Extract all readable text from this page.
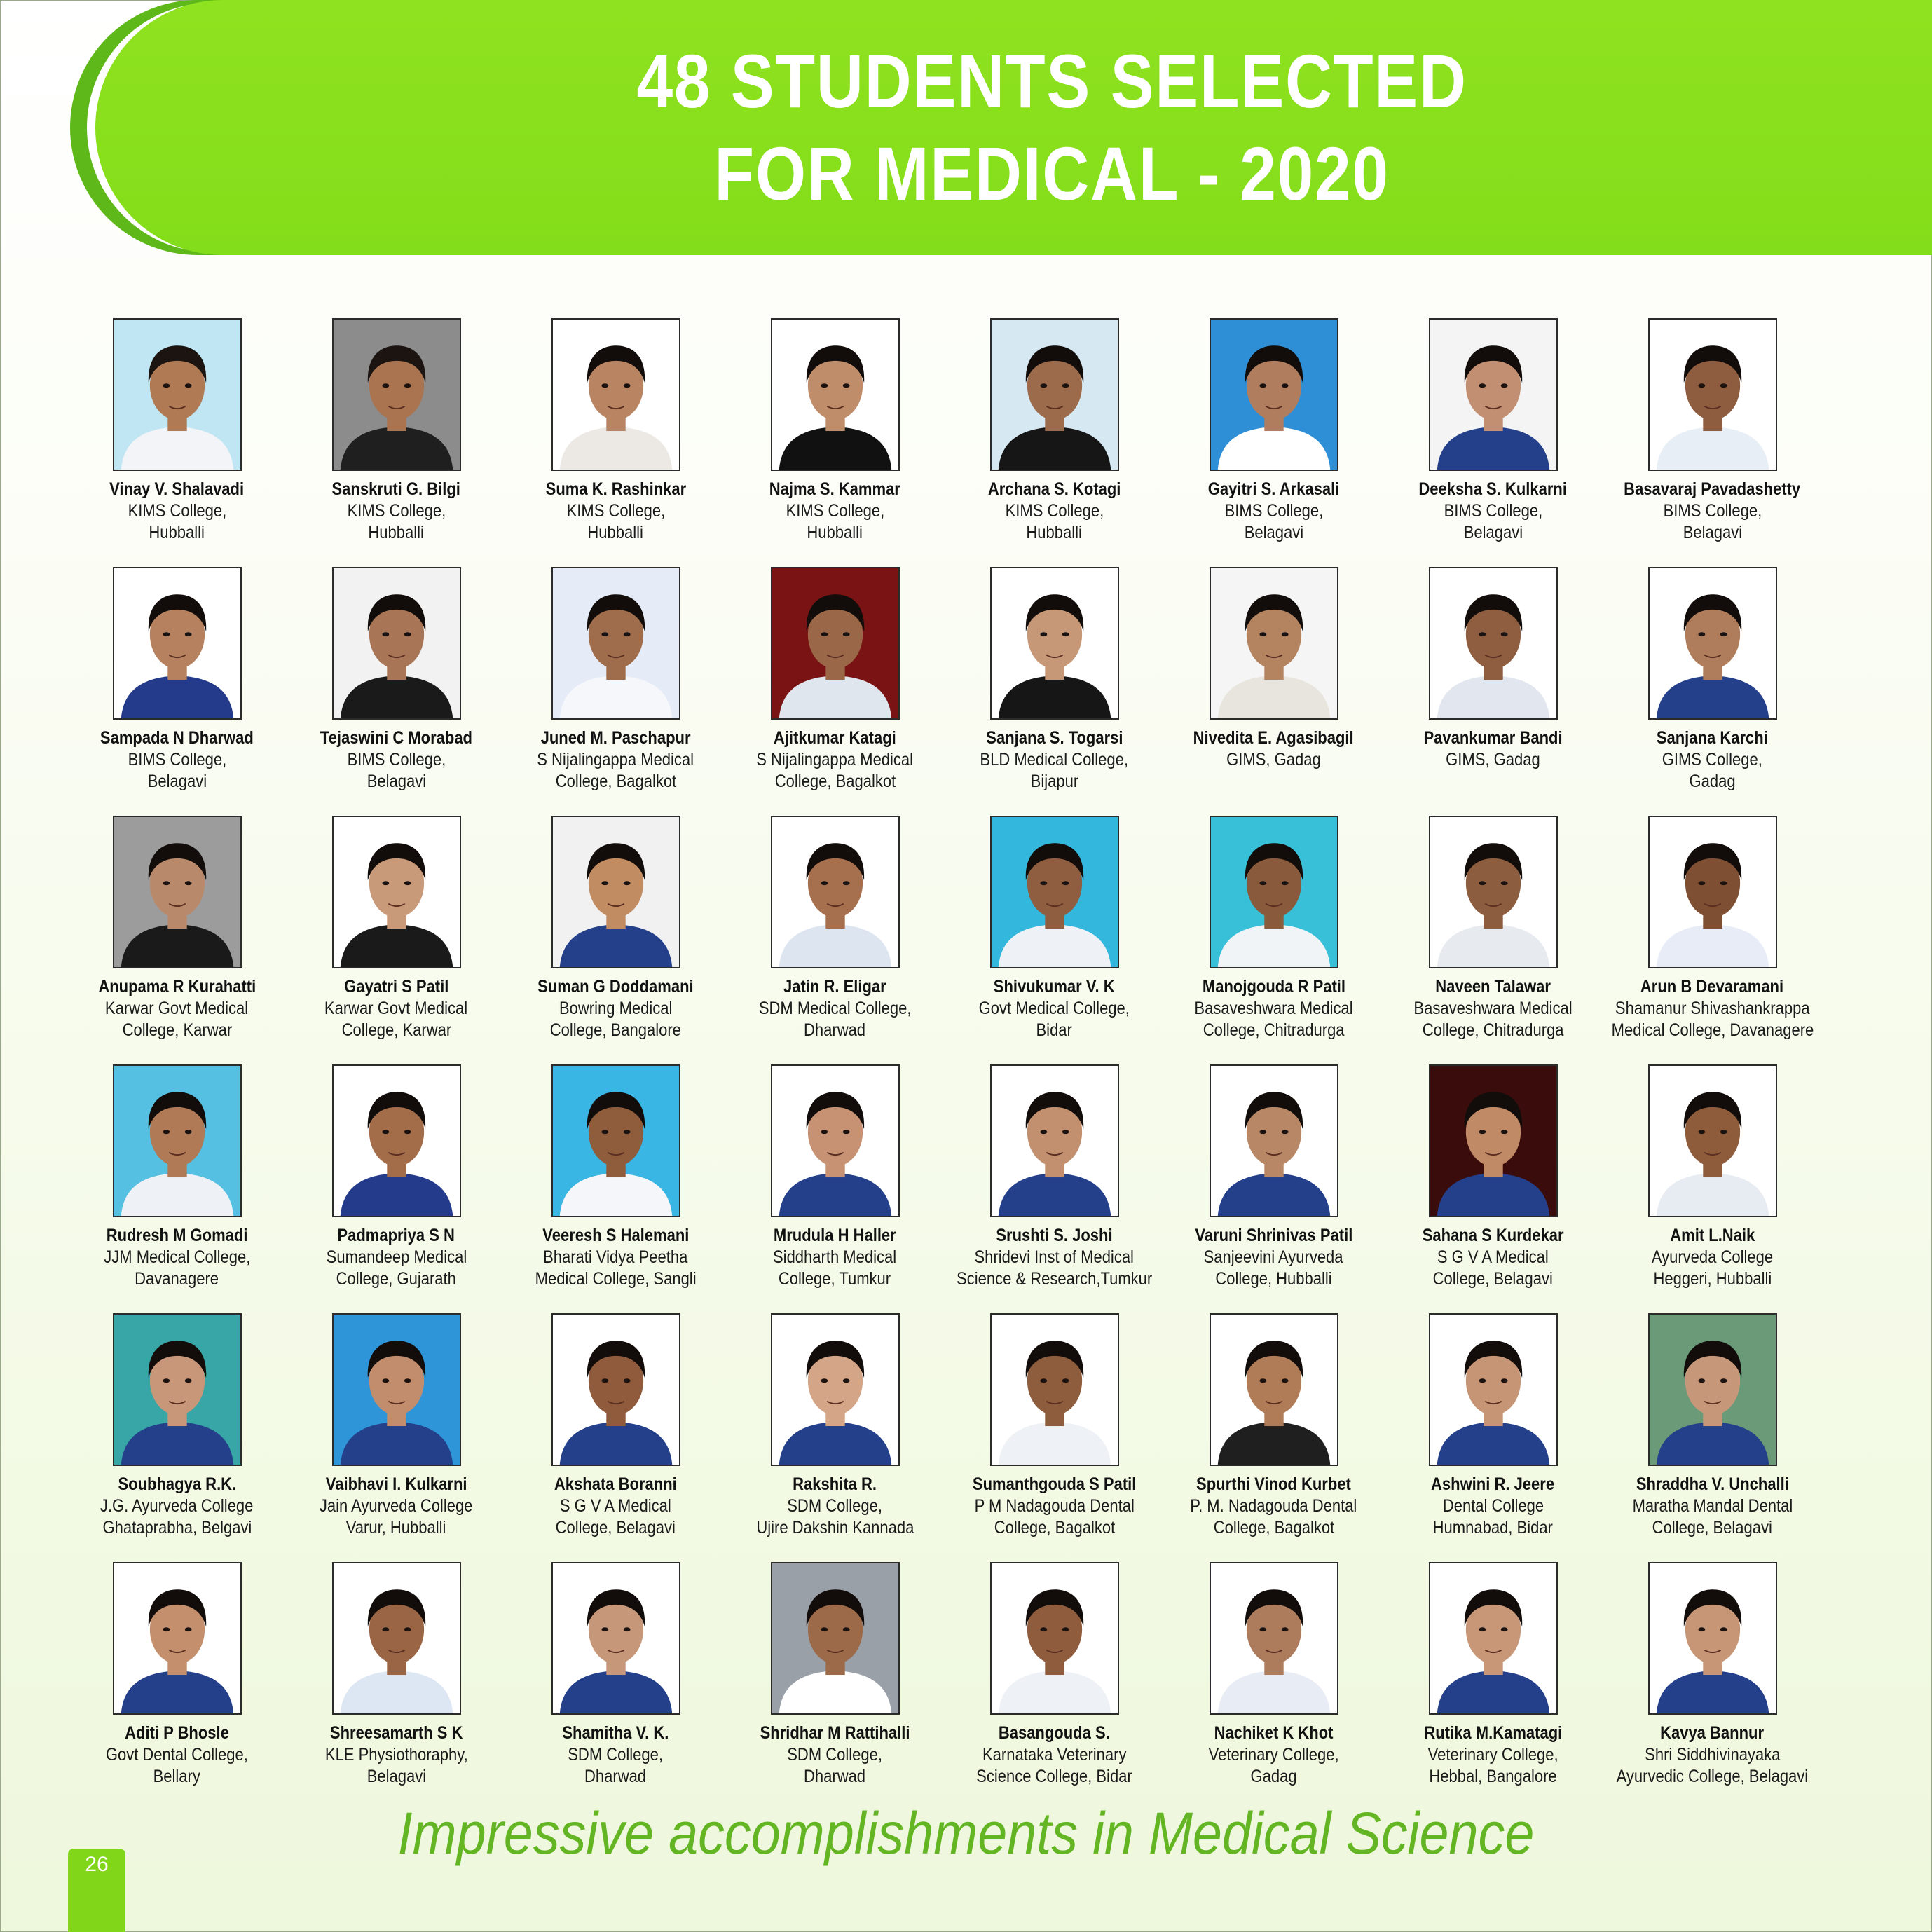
48 STUDENTS SELECTED
FOR MEDICAL - 2020
Vinay V. Shalavadi
KIMS College,
Hubballi
Sanskruti G. Bilgi
KIMS College,
Hubballi
Suma K. Rashinkar
KIMS College,
Hubballi
Najma S. Kammar
KIMS College,
Hubballi
Archana S. Kotagi
KIMS College,
Hubballi
Gayitri S. Arkasali
BIMS College,
Belagavi
Deeksha S. Kulkarni
BIMS College,
Belagavi
Basavaraj Pavadashetty
BIMS College,
Belagavi
Sampada N Dharwad
BIMS College,
Belagavi
Tejaswini C Morabad
BIMS College,
Belagavi
Juned M. Paschapur
S Nijalingappa Medical
College, Bagalkot
Ajitkumar Katagi
S Nijalingappa Medical
College, Bagalkot
Sanjana S. Togarsi
BLD Medical College,
Bijapur
Nivedita E. Agasibagil
GIMS, Gadag
Pavankumar Bandi
GIMS, Gadag
Sanjana Karchi
GIMS College,
Gadag
Anupama R Kurahatti
Karwar Govt Medical
College, Karwar
Gayatri S Patil
Karwar Govt Medical
College, Karwar
Suman G Doddamani
Bowring Medical
College, Bangalore
Jatin R. Eligar
SDM Medical College,
Dharwad
Shivukumar V. K
Govt Medical College,
Bidar
Manojgouda R Patil
Basaveshwara Medical
College, Chitradurga
Naveen Talawar
Basaveshwara Medical
College, Chitradurga
Arun B Devaramani
Shamanur Shivashankrappa
Medical College, Davanagere
Rudresh M Gomadi
JJM Medical College,
Davanagere
Padmapriya S N
Sumandeep Medical
College, Gujarath
Veeresh S Halemani
Bharati Vidya Peetha
Medical College, Sangli
Mrudula H Haller
Siddharth Medical
College, Tumkur
Srushti S. Joshi
Shridevi Inst of Medical
Science & Research,Tumkur
Varuni Shrinivas Patil
Sanjeevini Ayurveda
College, Hubballi
Sahana S Kurdekar
S G V A Medical
College, Belagavi
Amit L.Naik
Ayurveda College
Heggeri, Hubballi
Soubhagya R.K.
J.G. Ayurveda College
Ghataprabha, Belgavi
Vaibhavi I. Kulkarni
Jain Ayurveda College
Varur, Hubballi
Akshata Boranni
S G V A Medical
College, Belagavi
Rakshita R.
SDM College,
Ujire Dakshin Kannada
Sumanthgouda S Patil
P M Nadagouda Dental
College, Bagalkot
Spurthi Vinod Kurbet
P. M. Nadagouda Dental
College, Bagalkot
Ashwini R. Jeere
Dental College
Humnabad, Bidar
Shraddha V. Unchalli
Maratha Mandal Dental
College, Belagavi
Aditi P Bhosle
Govt Dental College,
Bellary
Shreesamarth S K
KLE Physiothoraphy,
Belagavi
Shamitha V. K.
SDM College,
Dharwad
Shridhar M Rattihalli
SDM College,
Dharwad
Basangouda S.
Karnataka Veterinary
Science College, Bidar
Nachiket K Khot
Veterinary College,
Gadag
Rutika M.Kamatagi
Veterinary College,
Hebbal, Bangalore
Kavya Bannur
Shri Siddhivinayaka
Ayurvedic College, Belagavi
Impressive accomplishments in Medical Science
26
